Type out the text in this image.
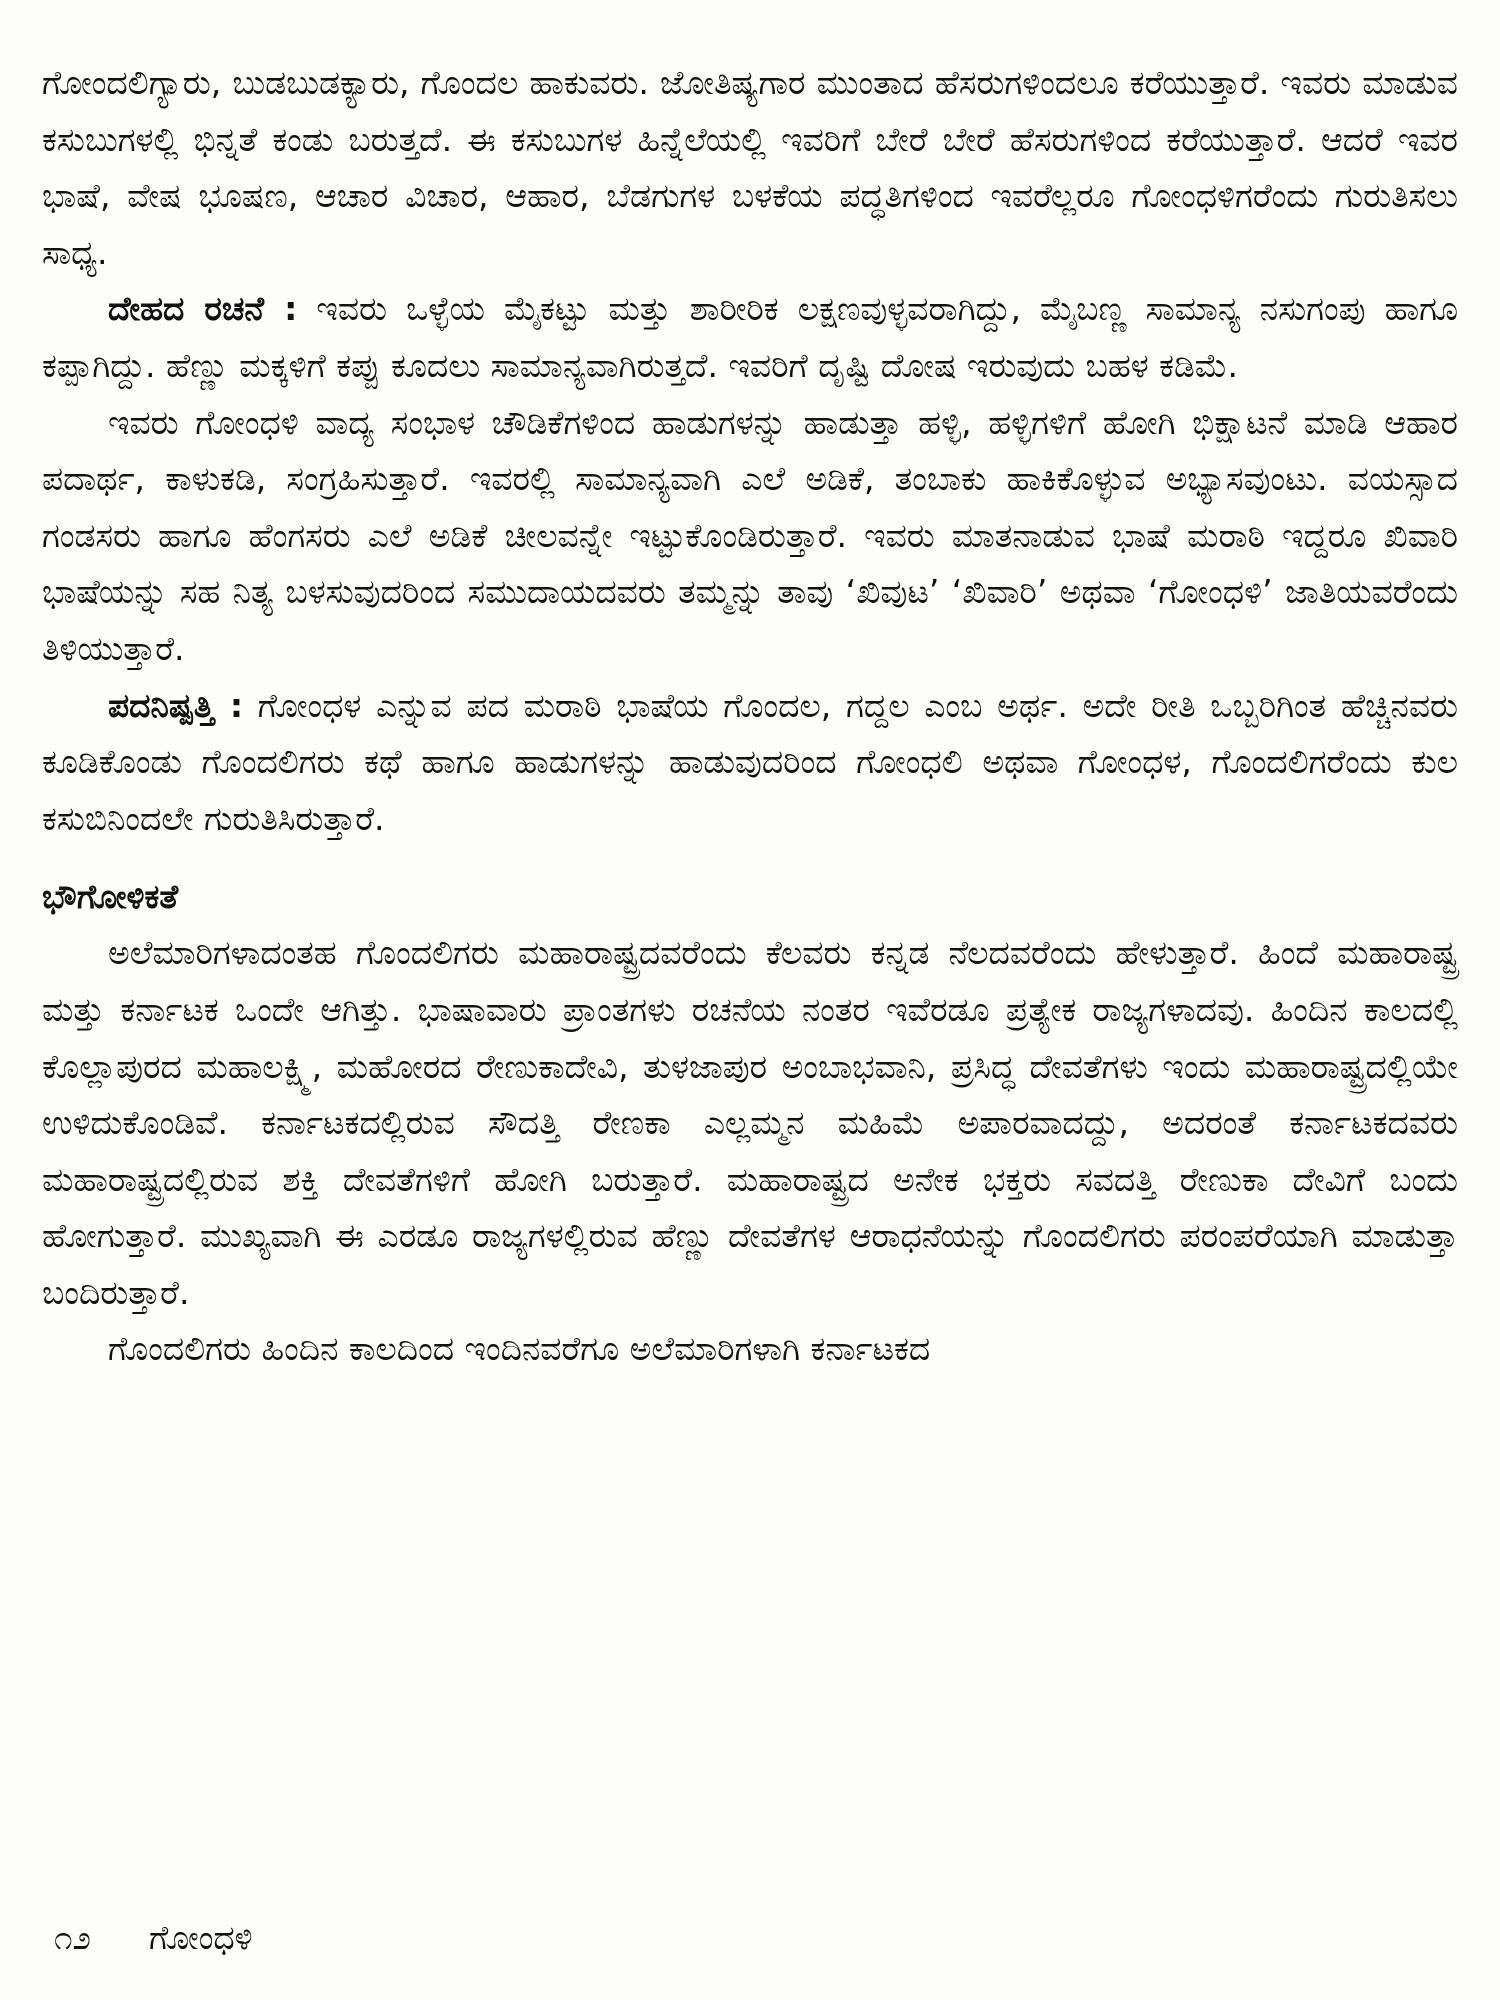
ಗೋಂದಲಿಗ್ಯಾರು, ಬುಡಬುಡಕ್ಯಾರು, ಗೊಂದಲ ಹಾಕುವರು. ಜೋತಿಷ್ಯಗಾರ ಮುಂತಾದ ಹೆಸರುಗಳಿಂದಲೂ ಕರೆಯುತ್ತಾರೆ. ಇವರು ಮಾಡುವ ಕಸುಬುಗಳಲ್ಲಿ ಭಿನ್ನತೆ ಕಂಡು ಬರುತ್ತದೆ. ಈ ಕಸುಬುಗಳ ಹಿನ್ನೆಲೆಯಲ್ಲಿ ಇವರಿಗೆ ಬೇರೆ ಬೇರೆ ಹೆಸರುಗಳಿಂದ ಕರೆಯುತ್ತಾರೆ. ಆದರೆ ಇವರ ಭಾಷೆ, ವೇಷ ಭೂಷಣ, ಆಚಾರ ವಿಚಾರ, ಆಹಾರ, ಬೆಡಗುಗಳ ಬಳಕೆಯ ಪದ್ಧತಿಗಳಿಂದ ಇವರೆಲ್ಲರೂ ಗೋಂಧಳಿಗರೆಂದು ಗುರುತಿಸಲು ಸಾಧ್ಯ.

ದೇಹದ ರಚನೆ : ಇವರು ಒಳ್ಳೆಯ ಮೈಕಟ್ಟು ಮತ್ತು ಶಾರೀರಿಕ ಲಕ್ಷಣವುಳ್ಳವರಾಗಿದ್ದು, ಮೈಬಣ್ಣ ಸಾಮಾನ್ಯ ನಸುಗಂಪು ಹಾಗೂ ಕಪ್ಪಾಗಿದ್ದು. ಹೆಣ್ಣು ಮಕ್ಕಳಿಗೆ ಕಪ್ಪು ಕೂದಲು ಸಾಮಾನ್ಯವಾಗಿರುತ್ತದೆ. ಇವರಿಗೆ ದೃಷ್ಟಿ ದೋಷ ಇರುವುದು ಬಹಳ ಕಡಿಮೆ.

ಇವರು ಗೋಂಧಳಿ ವಾದ್ಯ ಸಂಭಾಳ ಚೌಡಿಕೆಗಳಿಂದ ಹಾಡುಗಳನ್ನು ಹಾಡುತ್ತಾ ಹಳ್ಳಿ, ಹಳ್ಳಿಗಳಿಗೆ ಹೋಗಿ ಭಿಕ್ಷಾಟನೆ ಮಾಡಿ ಆಹಾರ ಪದಾರ್ಥ, ಕಾಳುಕಡಿ, ಸಂಗ್ರಹಿಸುತ್ತಾರೆ. ಇವರಲ್ಲಿ ಸಾಮಾನ್ಯವಾಗಿ ಎಲೆ ಅಡಿಕೆ, ತಂಬಾಕು ಹಾಕಿಕೊಳ್ಳುವ ಅಭ್ಯಾಸವುಂಟು. ವಯಸ್ಸಾದ ಗಂಡಸರು ಹಾಗೂ ಹೆಂಗಸರು ಎಲೆ ಅಡಿಕೆ ಚೀಲವನ್ನೇ ಇಟ್ಟುಕೊಂಡಿರುತ್ತಾರೆ. ಇವರು ಮಾತನಾಡುವ ಭಾಷೆ ಮರಾಠಿ ಇದ್ದರೂ ಖಿವಾರಿ ಭಾಷೆಯನ್ನು ಸಹ ನಿತ್ಯ ಬಳಸುವುದರಿಂದ ಸಮುದಾಯದವರು ತಮ್ಮನ್ನು ತಾವು ‘ಖಿವುಟ’ ‘ಖಿವಾರಿ’ ಅಥವಾ ‘ಗೋಂಧಳಿ’ ಜಾತಿಯವರೆಂದು ತಿಳಿಯುತ್ತಾರೆ.

ಪದನಿಷ್ಪತ್ತಿ : ಗೋಂಧಳ ಎನ್ನುವ ಪದ ಮರಾಠಿ ಭಾಷೆಯ ಗೊಂದಲ, ಗದ್ದಲ ಎಂಬ ಅರ್ಥ. ಅದೇ ರೀತಿ ಒಬ್ಬರಿಗಿಂತ ಹೆಚ್ಚಿನವರು ಕೂಡಿಕೊಂಡು ಗೊಂದಲಿಗರು ಕಥೆ ಹಾಗೂ ಹಾಡುಗಳನ್ನು ಹಾಡುವುದರಿಂದ ಗೋಂಧಲಿ ಅಥವಾ ಗೋಂಧಳ, ಗೊಂದಲಿಗರೆಂದು ಕುಲ ಕಸುಬಿನಿಂದಲೇ ಗುರುತಿಸಿರುತ್ತಾರೆ.

ಭೌಗೋಳಿಕತೆ

ಅಲೆಮಾರಿಗಳಾದಂತಹ ಗೊಂದಲಿಗರು ಮಹಾರಾಷ್ಟ್ರದವರೆಂದು ಕೆಲವರು ಕನ್ನಡ ನೆಲದವರೆಂದು ಹೇಳುತ್ತಾರೆ. ಹಿಂದೆ ಮಹಾರಾಷ್ಟ್ರ ಮತ್ತು ಕರ್ನಾಟಕ ಒಂದೇ ಆಗಿತ್ತು. ಭಾಷಾವಾರು ಪ್ರಾಂತಗಳು ರಚನೆಯ ನಂತರ ಇವೆರಡೂ ಪ್ರತ್ಯೇಕ ರಾಜ್ಯಗಳಾದವು. ಹಿಂದಿನ ಕಾಲದಲ್ಲಿ ಕೊಲ್ಲಾಪುರದ ಮಹಾಲಕ್ಷ್ಮಿ, ಮಹೋರದ ರೇಣುಕಾದೇವಿ, ತುಳಜಾಪುರ ಅಂಬಾಭವಾನಿ, ಪ್ರಸಿದ್ಧ ದೇವತೆಗಳು ಇಂದು ಮಹಾರಾಷ್ಟ್ರದಲ್ಲಿಯೇ ಉಳಿದುಕೊಂಡಿವೆ. ಕರ್ನಾಟಕದಲ್ಲಿರುವ ಸೌದತ್ತಿ ರೇಣಕಾ ಎಲ್ಲಮ್ಮನ ಮಹಿಮೆ ಅಪಾರವಾದದ್ದು, ಅದರಂತೆ ಕರ್ನಾಟಕದವರು ಮಹಾರಾಷ್ಟ್ರದಲ್ಲಿರುವ ಶಕ್ತಿ ದೇವತೆಗಳಿಗೆ ಹೋಗಿ ಬರುತ್ತಾರೆ. ಮಹಾರಾಷ್ಟ್ರದ ಅನೇಕ ಭಕ್ತರು ಸವದತ್ತಿ ರೇಣುಕಾ ದೇವಿಗೆ ಬಂದು ಹೋಗುತ್ತಾರೆ. ಮುಖ್ಯವಾಗಿ ಈ ಎರಡೂ ರಾಜ್ಯಗಳಲ್ಲಿರುವ ಹೆಣ್ಣು ದೇವತೆಗಳ ಆರಾಧನೆಯನ್ನು ಗೊಂದಲಿಗರು ಪರಂಪರೆಯಾಗಿ ಮಾಡುತ್ತಾ ಬಂದಿರುತ್ತಾರೆ.

ಗೊಂದಲಿಗರು ಹಿಂದಿನ ಕಾಲದಿಂದ ಇಂದಿನವರೆಗೂ ಅಲೆಮಾರಿಗಳಾಗಿ ಕರ್ನಾಟಕದ

೧೨ ಗೋಂಧಳಿ
